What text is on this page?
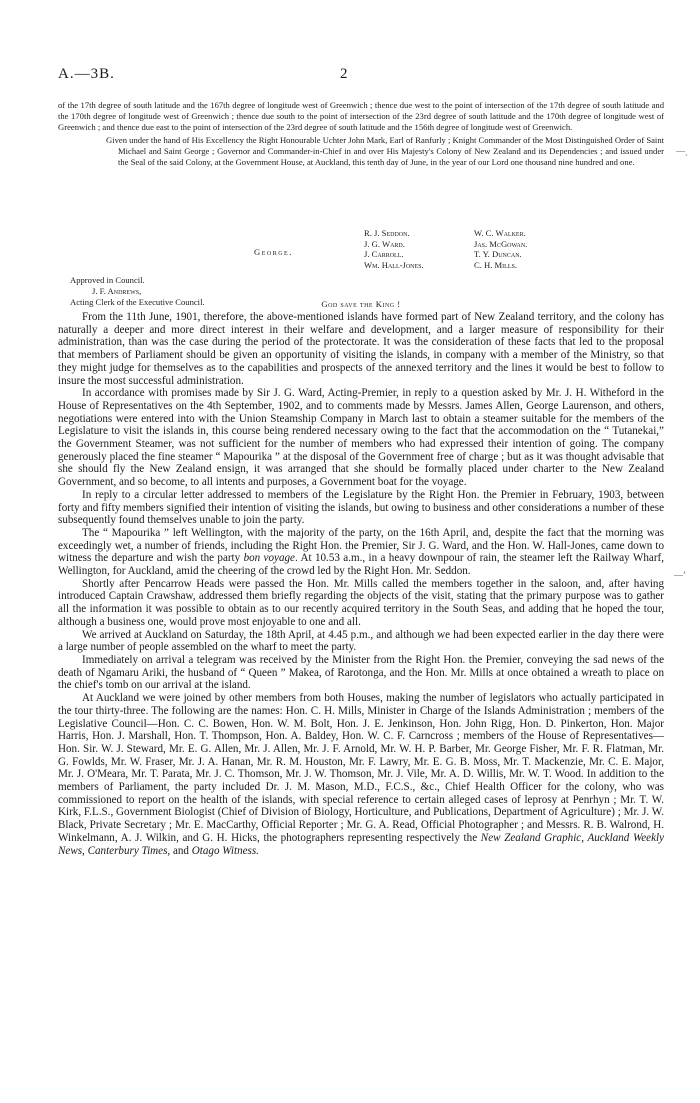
A.—3B.	2

of the 17th degree of south latitude and the 167th degree of longitude west of Greenwich ; thence due west to the point of intersection of the 17th degree of south latitude and the 170th degree of longitude west of Greenwich ; thence due south to the point of intersection of the 23rd degree of south latitude and the 170th degree of longitude west of Greenwich ; and thence due east to the point of intersection of the 23rd degree of south latitude and the 156th degree of longitude west of Greenwich.

Given under the hand of His Excellency the Right Honourable Uchter John Mark, Earl of Ranfurly ; Knight Commander of the Most Distinguished Order of Saint Michael and Saint George ; Governor and Commander-in-Chief in and over His Majesty's Colony of New Zealand and its Dependencies ; and issued under the Seal of the said Colony, at the Government House, at Auckland, this tenth day of June, in the year of our Lord one thousand nine hundred and one.

George.
R. J. Seddon.
J. G. Ward.
J. Carroll.
Wm. Hall-Jones.
W. C. Walker.
Jas. McGowan.
T. Y. Duncan.
C. H. Mills.
Approved in Council.
J. F. Andrews,
Acting Clerk of the Executive Council.	God save the King !

From the 11th June, 1901, therefore, the above-mentioned islands have formed part of New Zealand territory, and the colony has naturally a deeper and more direct interest in their welfare and development, and a larger measure of responsibility for their administration, than was the case during the period of the protectorate. It was the consideration of these facts that led to the proposal that members of Parliament should be given an opportunity of visiting the islands, in company with a member of the Ministry, so that they might judge for themselves as to the capabilities and prospects of the annexed territory and the lines it would be best to follow to insure the most successful administration.

In accordance with promises made by Sir J. G. Ward, Acting-Premier, in reply to a question asked by Mr. J. H. Witheford in the House of Representatives on the 4th September, 1902, and to comments made by Messrs. James Allen, George Laurenson, and others, negotiations were entered into with the Union Steamship Company in March last to obtain a steamer suitable for the members of the Legislature to visit the islands in, this course being rendered necessary owing to the fact that the accommodation on the “ Tutanekai,” the Government Steamer, was not sufficient for the number of members who had expressed their intention of going. The company generously placed the fine steamer “ Mapourika ” at the disposal of the Government free of charge ; but as it was thought advisable that she should fly the New Zealand ensign, it was arranged that she should be formally placed under charter to the New Zealand Government, and so become, to all intents and purposes, a Government boat for the voyage.

In reply to a circular letter addressed to members of the Legislature by the Right Hon. the Premier in February, 1903, between forty and fifty members signified their intention of visiting the islands, but owing to business and other considerations a number of these subsequently found themselves unable to join the party.

The “ Mapourika ” left Wellington, with the majority of the party, on the 16th April, and, despite the fact that the morning was exceedingly wet, a number of friends, including the Right Hon. the Premier, Sir J. G. Ward, and the Hon. W. Hall-Jones, came down to witness the departure and wish the party bon voyage. At 10.53 a.m., in a heavy downpour of rain, the steamer left the Railway Wharf, Wellington, for Auckland, amid the cheering of the crowd led by the Right Hon. Mr. Seddon.

Shortly after Pencarrow Heads were passed the Hon. Mr. Mills called the members together in the saloon, and, after having introduced Captain Crawshaw, addressed them briefly regarding the objects of the visit, stating that the primary purpose was to gather all the information it was possible to obtain as to our recently acquired territory in the South Seas, and adding that he hoped the tour, although a business one, would prove most enjoyable to one and all.

We arrived at Auckland on Saturday, the 18th April, at 4.45 p.m., and although we had been expected earlier in the day there were a large number of people assembled on the wharf to meet the party.

Immediately on arrival a telegram was received by the Minister from the Right Hon. the Premier, conveying the sad news of the death of Ngamaru Ariki, the husband of “ Queen ” Makea, of Rarotonga, and the Hon. Mr. Mills at once obtained a wreath to place on the chief's tomb on our arrival at the island.

At Auckland we were joined by other members from both Houses, making the number of legislators who actually participated in the tour thirty-three. The following are the names: Hon. C. H. Mills, Minister in Charge of the Islands Administration ; members of the Legislative Council—Hon. C. C. Bowen, Hon. W. M. Bolt, Hon. J. E. Jenkinson, Hon. John Rigg, Hon. D. Pinkerton, Hon. Major Harris, Hon. J. Marshall, Hon. T. Thompson, Hon. A. Baldey, Hon. W. C. F. Carncross ; members of the House of Representatives—Hon. Sir. W. J. Steward, Mr. E. G. Allen, Mr. J. Allen, Mr. J. F. Arnold, Mr. W. H. P. Barber, Mr. George Fisher, Mr. F. R. Flatman, Mr. G. Fowlds, Mr. W. Fraser, Mr. J. A. Hanan, Mr. R. M. Houston, Mr. F. Lawry, Mr. E. G. B. Moss, Mr. T. Mackenzie, Mr. C. E. Major, Mr. J. O'Meara, Mr. T. Parata, Mr. J. C. Thomson, Mr. J. W. Thomson, Mr. J. Vile, Mr. A. D. Willis, Mr. W. T. Wood. In addition to the members of Parliament, the party included Dr. J. M. Mason, M.D., F.C.S., &c., Chief Health Officer for the colony, who was commissioned to report on the health of the islands, with special reference to certain alleged cases of leprosy at Penrhyn ; Mr. T. W. Kirk, F.L.S., Government Biologist (Chief of Division of Biology, Horticulture, and Publications, Department of Agriculture) ; Mr. J. W. Black, Private Secretary ; Mr. E. MacCarthy, Official Reporter ; Mr. G. A. Read, Official Photographer ; and Messrs. R. B. Walrond, H. Winkelmann, A. J. Wilkin, and G. H. Hicks, the photographers representing respectively the New Zealand Graphic, Auckland Weekly News, Canterbury Times, and Otago Witness.

—ˎ
—ʼ
